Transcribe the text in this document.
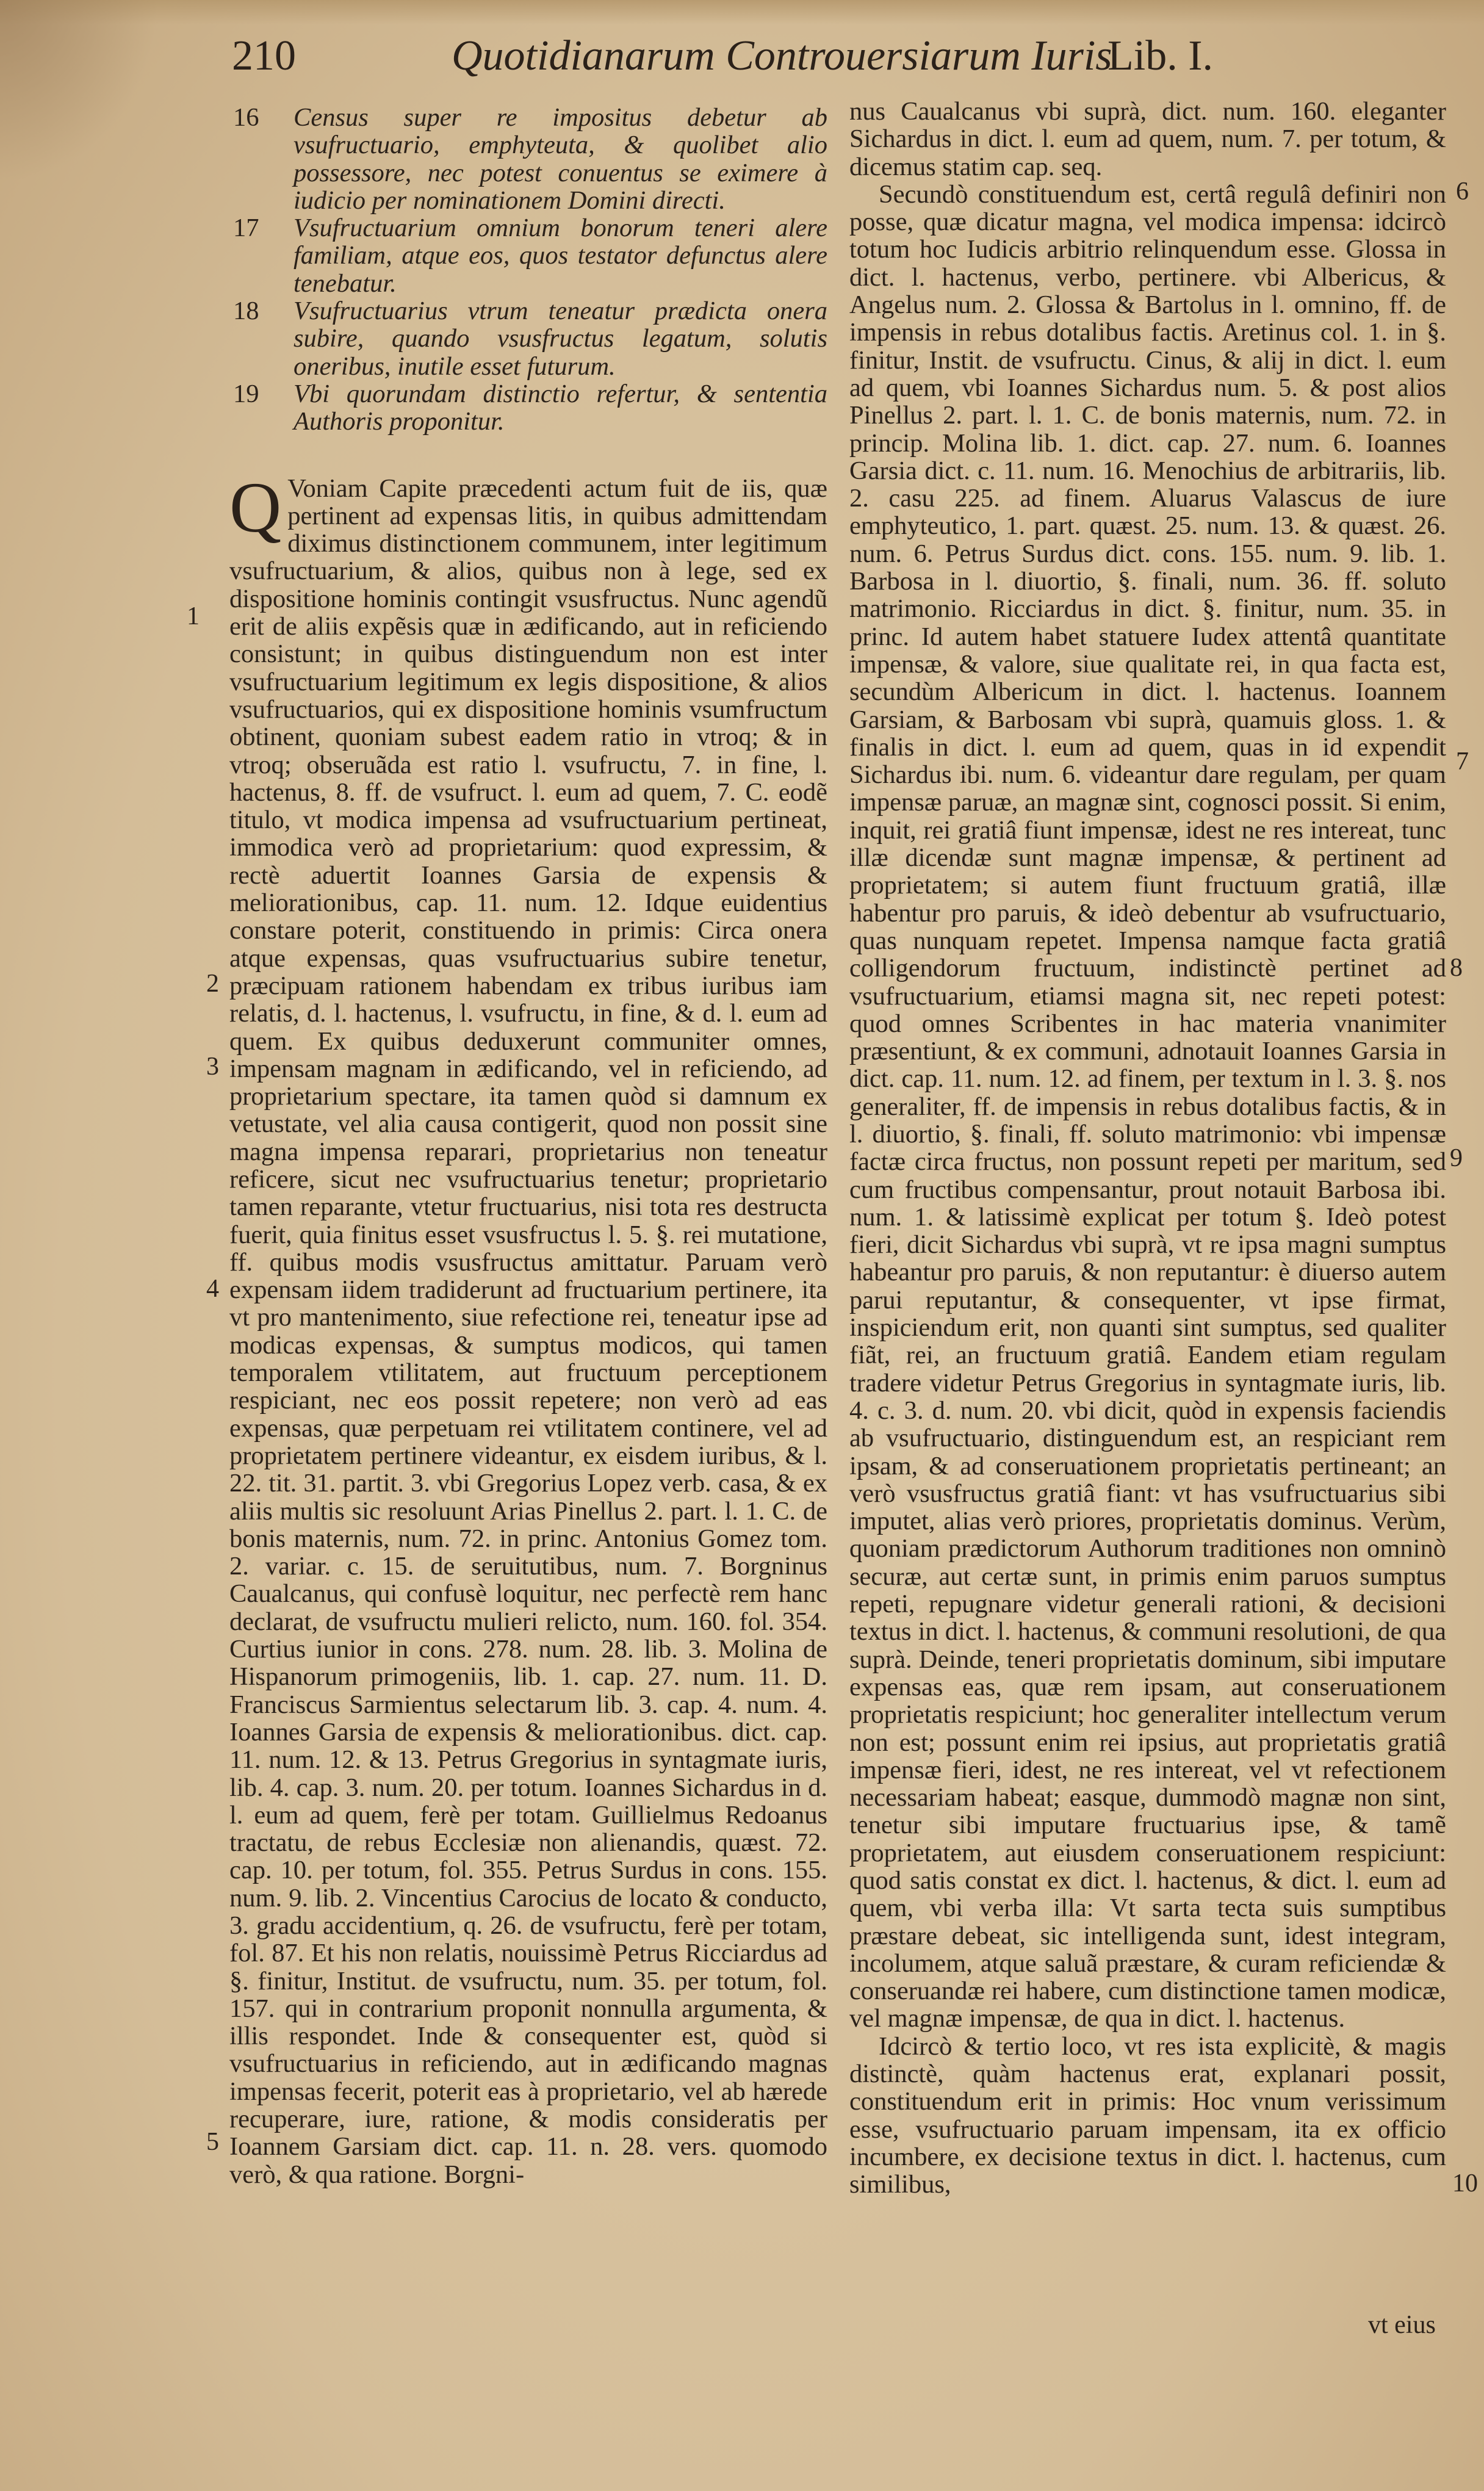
210	Quotidianarum Controuersiarum Iuris
Lib. I.

16 Census super re impositus debetur ab vsufructuario, emphyteuta, & quolibet alio possessore, nec potest conuentus se eximere à iudicio per nominationem Domini directi.

17 Vsufructuarium omnium bonorum teneri alere familiam, atque eos, quos testator defunctus alere tenebatur.

18 Vsufructuarius vtrum teneatur prædicta onera subire, quando vsusfructus legatum, solutis oneribus, inutile esset futurum.

19 Vbi quorundam distinctio refertur, & sententia Authoris proponitur.

Q Voniam Capite præcedenti actum fuit de iis, quæ pertinent ad expensas litis, in quibus admittendam diximus distinctionem communem, inter legitimum vsufructuarium, & alios, quibus non à lege, sed ex dispositione hominis contingit vsusfructus. Nunc agendũ erit de aliis expẽsis quæ in ædificando, aut in reficiendo consistunt; in quibus distinguendum non est inter vsufructuarium legitimum ex legis dispositione, & alios vsufructuarios, qui ex dispositione hominis vsumfructum obtinent, quoniam subest eadem ratio in vtroq; & in vtroq; obseruãda est ratio l. vsufructu, 7. in fine, l. hactenus, 8. ff. de vsufruct. l. eum ad quem, 7. C. eodẽ titulo, vt modica impensa ad vsufructuarium pertineat, immodica verò ad proprietarium: quod expressim, & rectè aduertit Ioannes Garsia de expensis & meliorationibus, cap. 11. num. 12. Idque euidentius constare poterit, constituendo in primis: Circa onera atque expensas, quas vsufructuarius subire tenetur, præcipuam rationem habendam ex tribus iuribus iam relatis, d. l. hactenus, l. vsufructu, in fine, & d. l. eum ad quem. Ex quibus deduxerunt communiter omnes, impensam magnam in ædificando, vel in reficiendo, ad proprietarium spectare, ita tamen quòd si damnum ex vetustate, vel alia causa contigerit, quod non possit sine magna impensa reparari, proprietarius non teneatur reficere, sicut nec vsufructuarius tenetur; proprietario tamen reparante, vtetur fructuarius, nisi tota res destructa fuerit, quia finitus esset vsusfructus l. 5. §. rei mutatione, ff. quibus modis vsusfructus amittatur. Paruam verò expensam iidem tradiderunt ad fructuarium pertinere, ita vt pro mantenimento, siue refectione rei, teneatur ipse ad modicas expensas, & sumptus modicos, qui tamen temporalem vtilitatem, aut fructuum perceptionem respiciant, nec eos possit repetere; non verò ad eas expensas, quæ perpetuam rei vtilitatem continere, vel ad proprietatem pertinere videantur, ex eisdem iuribus, & l. 22. tit. 31. partit. 3. vbi Gregorius Lopez verb. casa, & ex aliis multis sic resoluunt Arias Pinellus 2. part. l. 1. C. de bonis maternis, num. 72. in princ. Antonius Gomez tom. 2. variar. c. 15. de seruitutibus, num. 7. Borgninus Caualcanus, qui confusè loquitur, nec perfectè rem hanc declarat, de vsufructu mulieri relicto, num. 160. fol. 354. Curtius iunior in cons. 278. num. 28. lib. 3. Molina de Hispanorum primogeniis, lib. 1. cap. 27. num. 11. D. Franciscus Sarmientus selectarum lib. 3. cap. 4. num. 4. Ioannes Garsia de expensis & meliorationibus. dict. cap. 11. num. 12. & 13. Petrus Gregorius in syntagmate iuris, lib. 4. cap. 3. num. 20. per totum. Ioannes Sichardus in d. l. eum ad quem, ferè per totam. Guillielmus Redoanus tractatu, de rebus Ecclesiæ non alienandis, quæst. 72. cap. 10. per totum, fol. 355. Petrus Surdus in cons. 155. num. 9. lib. 2. Vincentius Carocius de locato & conducto, 3. gradu accidentium, q. 26. de vsufructu, ferè per totam, fol. 87. Et his non relatis, nouissimè Petrus Ricciardus ad §. finitur, Institut. de vsufructu, num. 35. per totum, fol. 157. qui in contrarium proponit nonnulla argumenta, & illis respondet. Inde & consequenter est, quòd si vsufructuarius in reficiendo, aut in ædificando magnas impensas fecerit, poterit eas à proprietario, vel ab hærede recuperare, iure, ratione, & modis consideratis per Ioannem Garsiam dict. cap. 11. n. 28. vers. quomodo verò, & qua ratione. Borgni-

nus Caualcanus vbi suprà, dict. num. 160. eleganter Sichardus in dict. l. eum ad quem, num. 7. per totum, & dicemus statim cap. seq.

Secundò constituendum est, certâ regulâ definiri non posse, quæ dicatur magna, vel modica impensa: idcircò totum hoc Iudicis arbitrio relinquendum esse. Glossa in dict. l. hactenus, verbo, pertinere. vbi Albericus, & Angelus num. 2. Glossa & Bartolus in l. omnino, ff. de impensis in rebus dotalibus factis. Aretinus col. 1. in §. finitur, Instit. de vsufructu. Cinus, & alij in dict. l. eum ad quem, vbi Ioannes Sichardus num. 5. & post alios Pinellus 2. part. l. 1. C. de bonis maternis, num. 72. in princip. Molina lib. 1. dict. cap. 27. num. 6. Ioannes Garsia dict. c. 11. num. 16. Menochius de arbitrariis, lib. 2. casu 225. ad finem. Aluarus Valascus de iure emphyteutico, 1. part. quæst. 25. num. 13. & quæst. 26. num. 6. Petrus Surdus dict. cons. 155. num. 9. lib. 1. Barbosa in l. diuortio, §. finali, num. 36. ff. soluto matrimonio. Ricciardus in dict. §. finitur, num. 35. in princ. Id autem habet statuere Iudex attentâ quantitate impensæ, & valore, siue qualitate rei, in qua facta est, secundùm Albericum in dict. l. hactenus. Ioannem Garsiam, & Barbosam vbi suprà, quamuis gloss. 1. & finalis in dict. l. eum ad quem, quas in id expendit Sichardus ibi. num. 6. videantur dare regulam, per quam impensæ paruæ, an magnæ sint, cognosci possit. Si enim, inquit, rei gratiâ fiunt impensæ, idest ne res intereat, tunc illæ dicendæ sunt magnæ impensæ, & pertinent ad proprietatem; si autem fiunt fructuum gratiâ, illæ habentur pro paruis, & ideò debentur ab vsufructuario, quas nunquam repetet. Impensa namque facta gratiâ colligendorum fructuum, indistinctè pertinet ad vsufructuarium, etiamsi magna sit, nec repeti potest: quod omnes Scribentes in hac materia vnanimiter præsentiunt, & ex communi, adnotauit Ioannes Garsia in dict. cap. 11. num. 12. ad finem, per textum in l. 3. §. nos generaliter, ff. de impensis in rebus dotalibus factis, & in l. diuortio, §. finali, ff. soluto matrimonio: vbi impensæ factæ circa fructus, non possunt repeti per maritum, sed cum fructibus compensantur, prout notauit Barbosa ibi. num. 1. & latissimè explicat per totum §. Ideò potest fieri, dicit Sichardus vbi suprà, vt re ipsa magni sumptus habeantur pro paruis, & non reputantur: è diuerso autem parui reputantur, & consequenter, vt ipse firmat, inspiciendum erit, non quanti sint sumptus, sed qualiter fiãt, rei, an fructuum gratiâ. Eandem etiam regulam tradere videtur Petrus Gregorius in syntagmate iuris, lib. 4. c. 3. d. num. 20. vbi dicit, quòd in expensis faciendis ab vsufructuario, distinguendum est, an respiciant rem ipsam, & ad conseruationem proprietatis pertineant; an verò vsusfructus gratiâ fiant: vt has vsufructuarius sibi imputet, alias verò priores, proprietatis dominus. Verùm, quoniam prædictorum Authorum traditiones non omninò securæ, aut certæ sunt, in primis enim paruos sumptus repeti, repugnare videtur generali rationi, & decisioni textus in dict. l. hactenus, & communi resolutioni, de qua suprà. Deinde, teneri proprietatis dominum, sibi imputare expensas eas, quæ rem ipsam, aut conseruationem proprietatis respiciunt; hoc generaliter intellectum verum non est; possunt enim rei ipsius, aut proprietatis gratiâ impensæ fieri, idest, ne res intereat, vel vt refectionem necessariam habeat; easque, dummodò magnæ non sint, tenetur sibi imputare fructuarius ipse, & tamẽ proprietatem, aut eiusdem conseruationem respiciunt: quod satis constat ex dict. l. hactenus, & dict. l. eum ad quem, vbi verba illa: Vt sarta tecta suis sumptibus præstare debeat, sic intelligenda sunt, idest integram, incolumem, atque saluã præstare, & curam reficiendæ & conseruandæ rei habere, cum distinctione tamen modicæ, vel magnæ impensæ, de qua in dict. l. hactenus.

Idcircò & tertio loco, vt res ista explicitè, & magis distinctè, quàm hactenus erat, explanari possit, constituendum erit in primis: Hoc vnum verissimum esse, vsufructuario paruam impensam, ita ex officio incumbere, ex decisione textus in dict. l. hactenus, cum similibus,

1
2
3
4
5
6
7
8
9
10
vt eius
